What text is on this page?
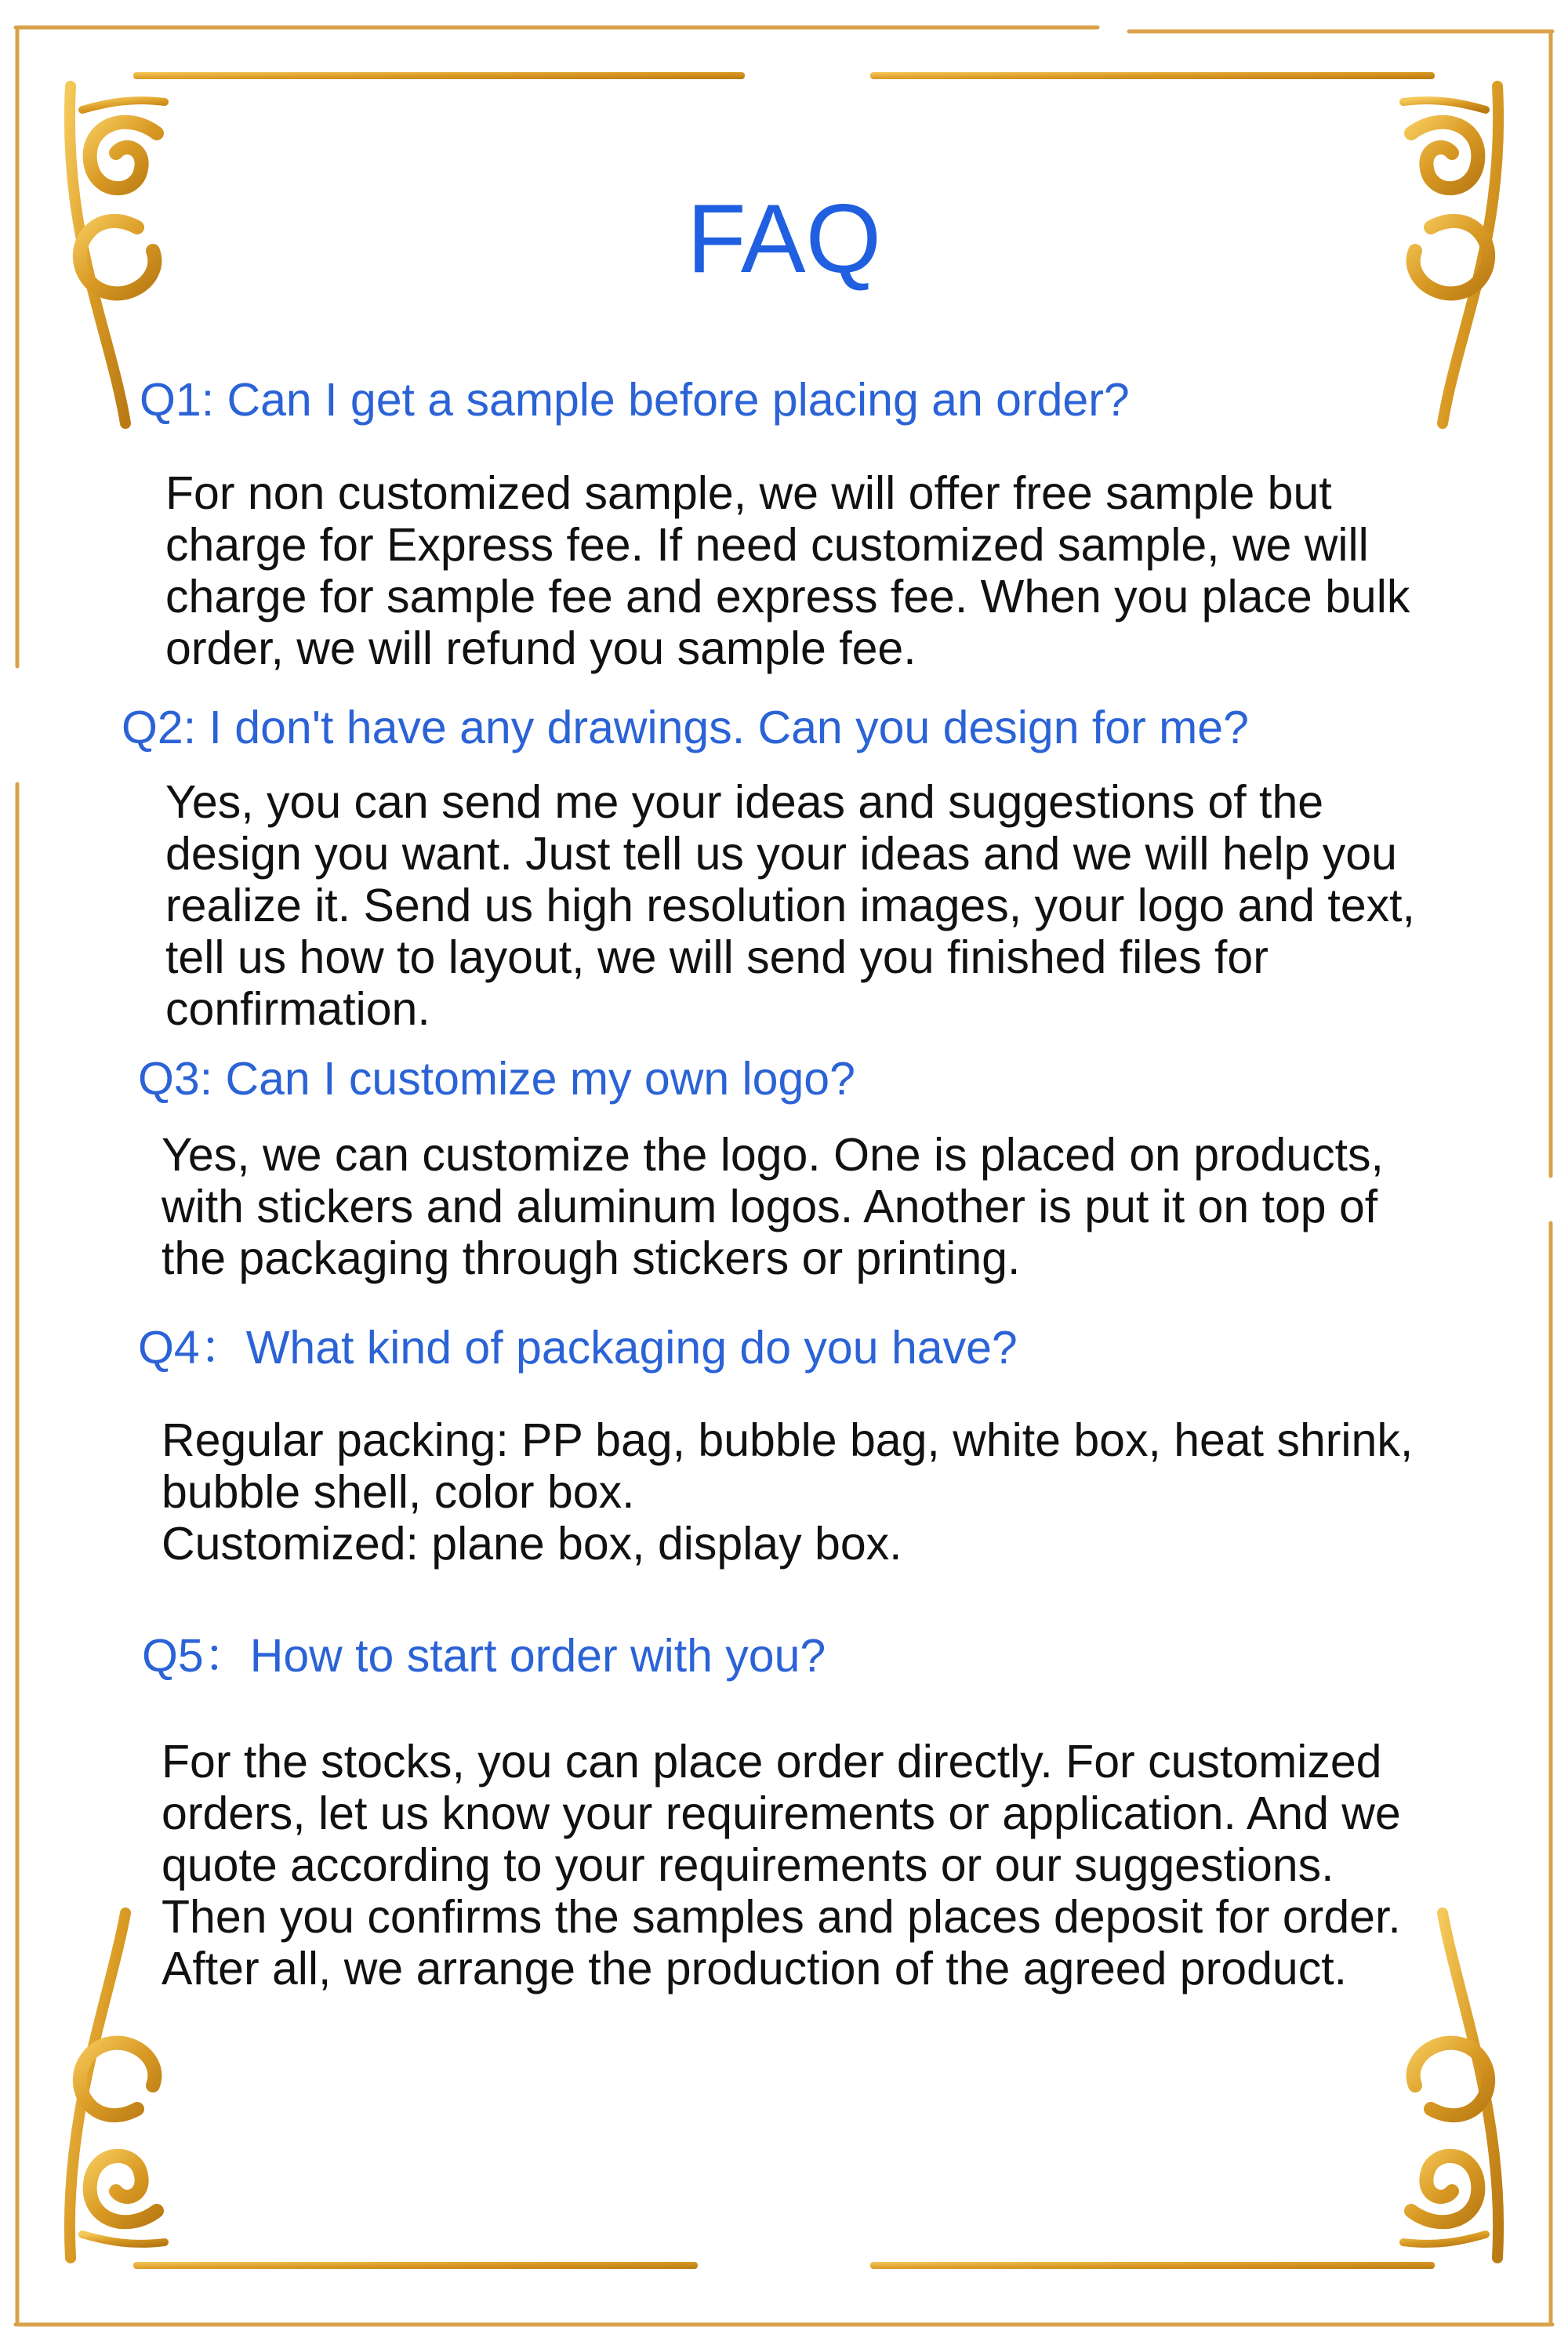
FAQ

Q1: Can I get a sample before placing an order?

For non customized sample, we will offer free sample but
charge for Express fee. If need customized sample, we will
charge for sample fee and express fee. When you place bulk
order, we will refund you sample fee.

Q2: I don't have any drawings. Can you design for me?

Yes, you can send me your ideas and suggestions of the
design you want. Just tell us your ideas and we will help you
realize it. Send us high resolution images, your logo and text,
tell us how to layout, we will send you finished files for
confirmation.

Q3: Can I customize my own logo?

Yes, we can customize the logo. One is placed on products,
with stickers and aluminum logos. Another is put it on top of
the packaging through stickers or printing.

Q4：What kind of packaging do you have?

Regular packing: PP bag, bubble bag, white box, heat shrink,
bubble shell, color box.
Customized: plane box, display box.

Q5：How to start order with you?

For the stocks, you can place order directly. For customized
orders, let us know your requirements or application. And we
quote according to your requirements or our suggestions.
Then you confirms the samples and places deposit for order.
After all, we arrange the production of the agreed product.
